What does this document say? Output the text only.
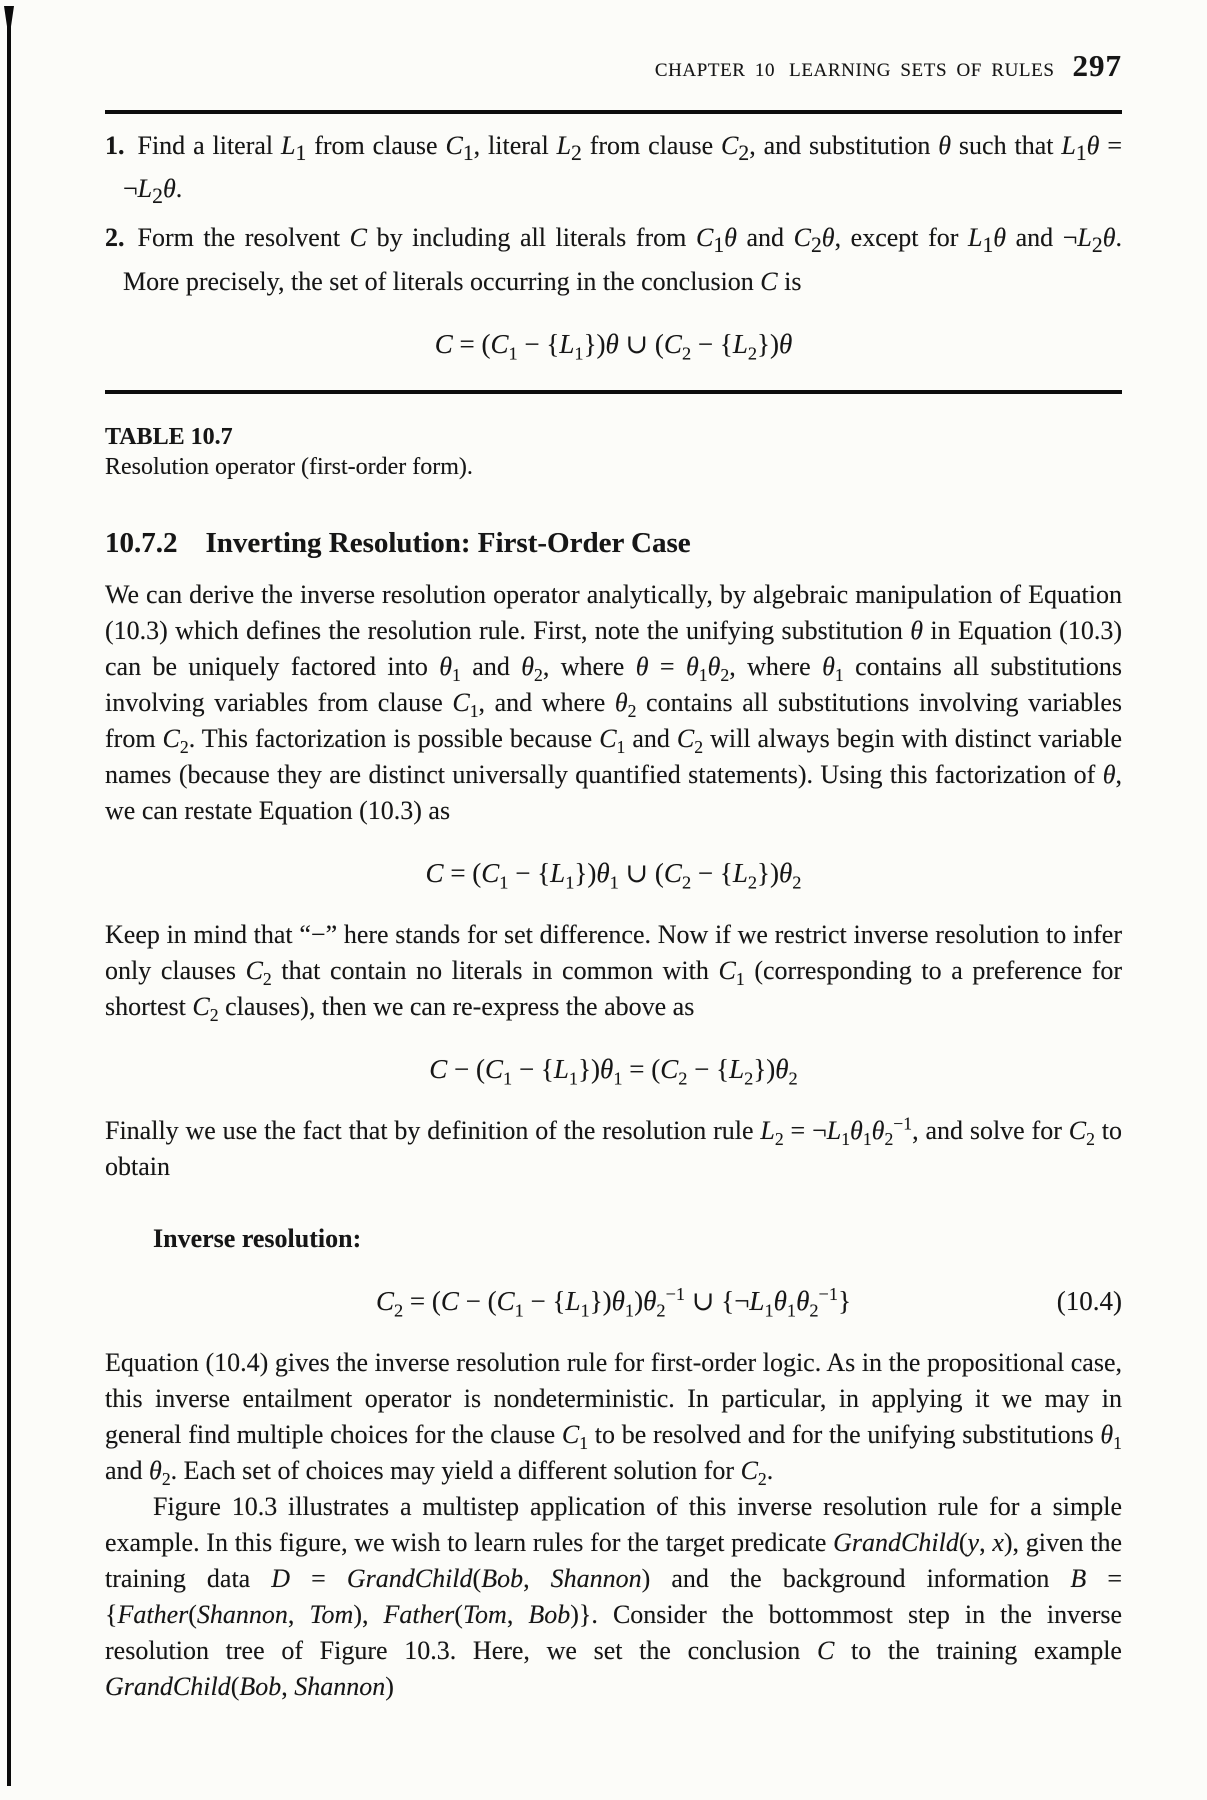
CHAPTER 10 LEARNING SETS OF RULES 297
1. Find a literal $L_1$ from clause $C_1$, literal $L_2$ from clause $C_2$, and substitution θ such that $L_1\theta$ = $\neg L_2\theta$.
2. Form the resolvent C by including all literals from $C_1\theta$ and $C_2\theta$, except for $L_1\theta$ and $\neg L_2\theta$. More precisely, the set of literals occurring in the conclusion C is
$C = (C_1 - \{L_1\})\theta$ ∪ $(C_2 - \{L_2\})\theta$
TABLE 10.7
Resolution operator (first-order form).
10.7.2 Inverting Resolution: First-Order Case

We can derive the inverse resolution operator analytically, by algebraic manipulation of Equation (10.3) which defines the resolution rule. First, note the unifying substitution θ in Equation (10.3) can be uniquely factored into $\theta_1$ and $\theta_2$, where $\theta = \theta_1\theta_2$, where $\theta_1$ contains all substitutions involving variables from clause $C_1$, and where $\theta_2$ contains all substitutions involving variables from $C_2$. This factorization is possible because $C_1$ and $C_2$ will always begin with distinct variable names (because they are distinct universally quantified statements). Using this factorization of θ, we can restate Equation (10.3) as

$C = (C_1 - \{L_1\})\theta_1$ ∪ $(C_2 - \{L_2\})\theta_2$

Keep in mind that “−” here stands for set difference. Now if we restrict inverse resolution to infer only clauses $C_2$ that contain no literals in common with $C_1$ (corresponding to a preference for shortest $C_2$ clauses), then we can re-express the above as

$C - (C_1 - \{L_1\})\theta_1 = (C_2 - \{L_2\})\theta_2$

Finally we use the fact that by definition of the resolution rule $L_2$ = $\neg L_1\theta_1\theta_2^{-1}$, and solve for $C_2$ to obtain

Inverse resolution:
$C_2 = (C - (C_1 - \{L_1\})\theta_1)\theta_2^{-1}$ ∪ $\{\neg L_1\theta_1\theta_2^{-1}\}$	(10.4)

Equation (10.4) gives the inverse resolution rule for first-order logic. As in the propositional case, this inverse entailment operator is nondeterministic. In particular, in applying it we may in general find multiple choices for the clause $C_1$ to be resolved and for the unifying substitutions $\theta_1$ and $\theta_2$. Each set of choices may yield a different solution for $C_2$.

Figure 10.3 illustrates a multistep application of this inverse resolution rule for a simple example. In this figure, we wish to learn rules for the target predicate GrandChild(y, x), given the training data D = GrandChild(Bob, Shannon) and the background information B = {Father(Shannon, Tom), Father(Tom, Bob)}. Consider the bottommost step in the inverse resolution tree of Figure 10.3. Here, we set the conclusion C to the training example GrandChild(Bob, Shannon)
